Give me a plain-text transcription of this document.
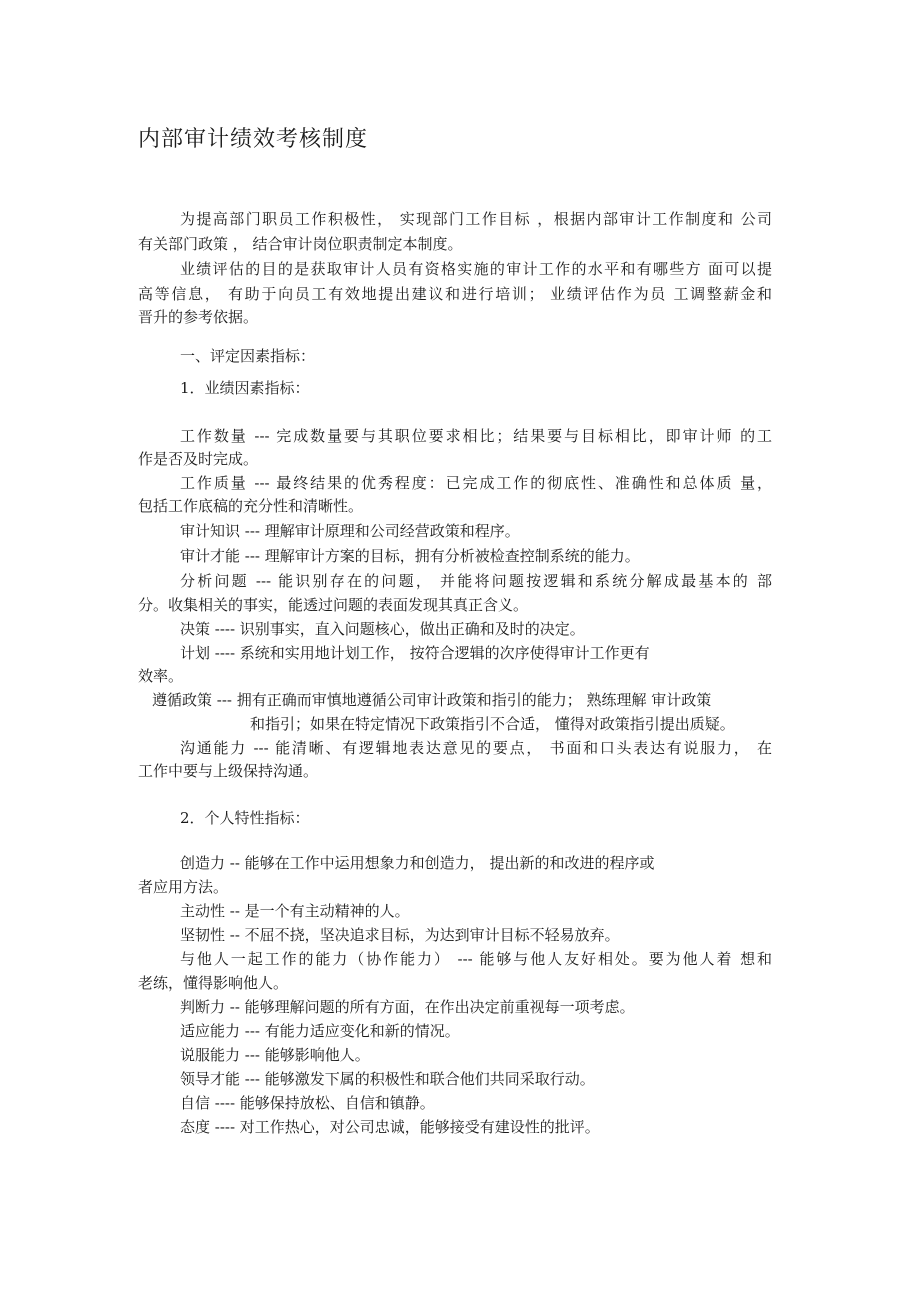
内部审计绩效考核制度

为提高部门职员工作积极性， 实现部门工作目标 ，根据内部审计工作制度和 公司

有关部门政策 ， 结合审计岗位职责制定本制度。

业绩评估的目的是获取审计人员有资格实施的审计工作的水平和有哪些方 面可以提

高等信息， 有助于向员工有效地提出建议和进行培训； 业绩评估作为员 工调整薪金和

晋升的参考依据。

一、评定因素指标：

1．业绩因素指标：

工作数量 --- 完成数量要与其职位要求相比；结果要与目标相比，即审计师 的工

作是否及时完成。

工作质量 --- 最终结果的优秀程度：已完成工作的彻底性、准确性和总体质 量，

包括工作底稿的充分性和清晰性。

审计知识 --- 理解审计原理和公司经营政策和程序。

审计才能 --- 理解审计方案的目标，拥有分析被检查控制系统的能力。

分析问题 --- 能识别存在的问题， 并能将问题按逻辑和系统分解成最基本的 部

分。收集相关的事实，能透过问题的表面发现其真正含义。

决策 ---- 识别事实，直入问题核心，做出正确和及时的决定。

计划 ---- 系统和实用地计划工作， 按符合逻辑的次序使得审计工作更有

效率。

遵循政策 --- 拥有正确而审慎地遵循公司审计政策和指引的能力； 熟练理解 审计政策

和指引；如果在特定情况下政策指引不合适， 懂得对政策指引提出质疑。

沟通能力 --- 能清晰、有逻辑地表达意见的要点， 书面和口头表达有说服力， 在

工作中要与上级保持沟通。

2．个人特性指标：

创造力 -- 能够在工作中运用想象力和创造力， 提出新的和改进的程序或

者应用方法。

主动性 -- 是一个有主动精神的人。

坚韧性 -- 不屈不挠，坚决追求目标，为达到审计目标不轻易放弃。

与他人一起工作的能力（协作能力） --- 能够与他人友好相处。要为他人着 想和

老练，懂得影响他人。

判断力 -- 能够理解问题的所有方面，在作出决定前重视每一项考虑。

适应能力 --- 有能力适应变化和新的情况。

说服能力 --- 能够影响他人。

领导才能 --- 能够激发下属的积极性和联合他们共同采取行动。

自信 ---- 能够保持放松、自信和镇静。

态度 ---- 对工作热心，对公司忠诚，能够接受有建设性的批评。
